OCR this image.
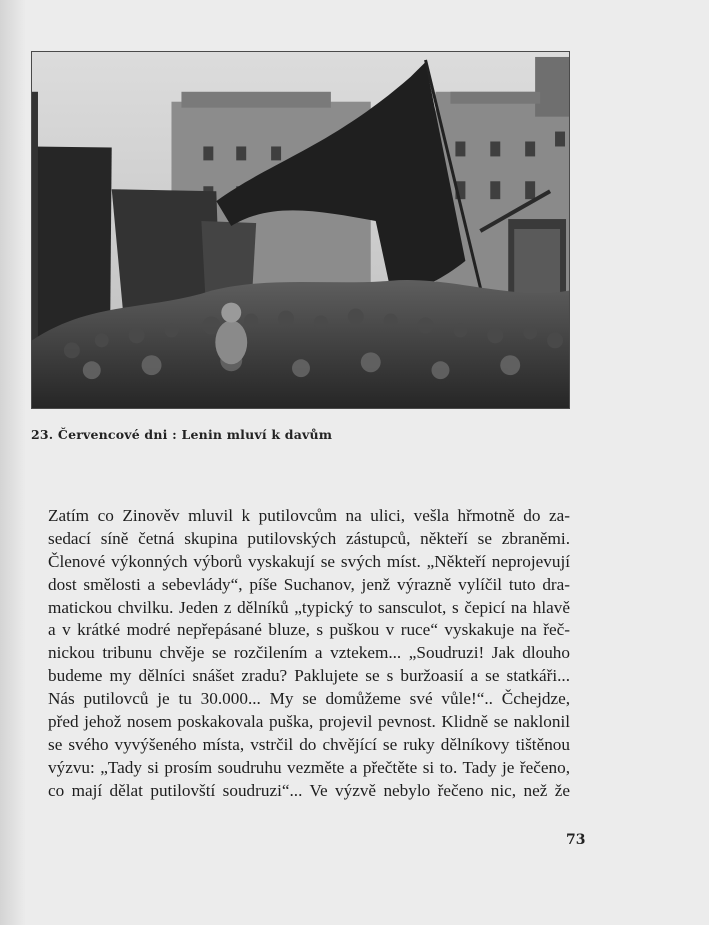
23. Červencové dni : Lenin mluví k davům
Zatím co Zinověv mluvil k putilovcům na ulici, vešla hřmotně do za-
sedací síně četná skupina putilovských zástupců, někteří se zbraněmi.
Členové výkonných výborů vyskakují se svých míst. „Někteří neprojevují
dost smělosti a sebevlády“, píše Suchanov, jenž výrazně vylíčil tuto dra-
matickou chvilku. Jeden z dělníků „typický to sansculot, s čepicí na hlavě
a v krátké modré nepřepásané bluze, s puškou v ruce“ vyskakuje na řeč-
nickou tribunu chvěje se rozčilením a vztekem... „Soudruzi! Jak dlouho
budeme my dělníci snášet zradu? Paklujete se s buržoasií a se statkáři...
Nás putilovců je tu 30.000... My se domůžeme své vůle!“.. Čchejdze,
před jehož nosem poskakovala puška, projevil pevnost. Klidně se naklonil
se svého vyvýšeného místa, vstrčil do chvějící se ruky dělníkovy tištěnou
výzvu: „Tady si prosím soudruhu vezměte a přečtěte si to. Tady je řečeno,
co mají dělat putilovští soudruzi“... Ve výzvě nebylo řečeno nic, než že
73
